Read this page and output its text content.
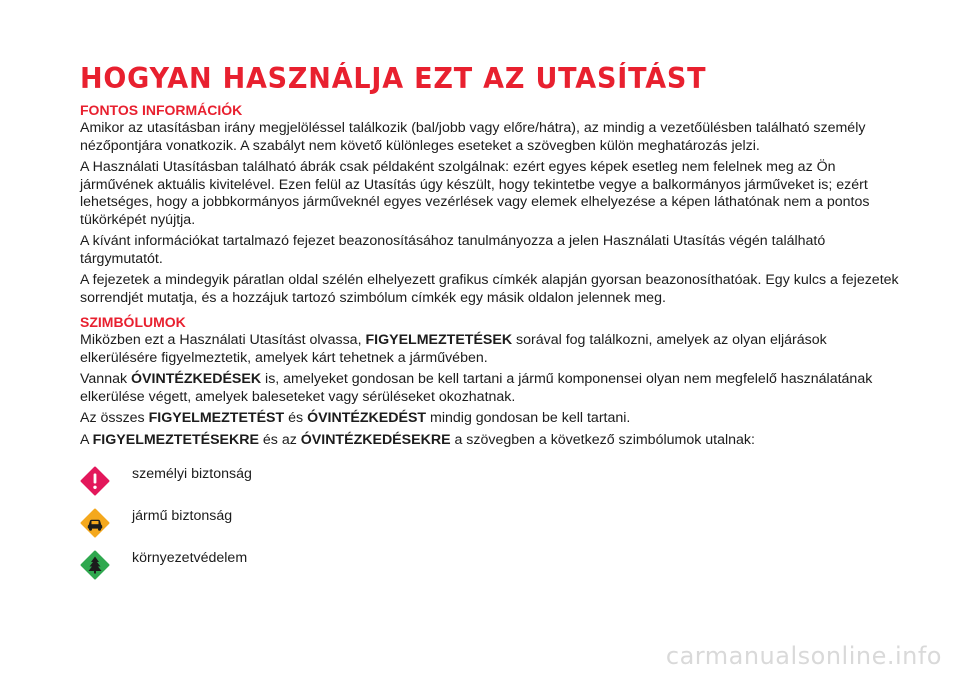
HOGYAN HASZNÁLJA EZT AZ UTASÍTÁST
FONTOS INFORMÁCIÓK

Amikor az utasításban irány megjelöléssel találkozik (bal/jobb vagy előre/hátra), az mindig a vezetőülésben található személy nézőpontjára vonatkozik. A szabályt nem követő különleges eseteket a szövegben külön meghatározás jelzi.

A Használati Utasításban található ábrák csak példaként szolgálnak: ezért egyes képek esetleg nem felelnek meg az Ön járművének aktuális kivitelével. Ezen felül az Utasítás úgy készült, hogy tekintetbe vegye a balkormányos járműveket is; ezért lehetséges, hogy a jobbkormányos járműveknél egyes vezérlések vagy elemek elhelyezése a képen láthatónak nem a pontos tükörképét nyújtja.

A kívánt információkat tartalmazó fejezet beazonosításához tanulmányozza a jelen Használati Utasítás végén található tárgymutatót.

A fejezetek a mindegyik páratlan oldal szélén elhelyezett grafikus címkék alapján gyorsan beazonosíthatóak. Egy kulcs a fejezetek sorrendjét mutatja, és a hozzájuk tartozó szimbólum címkék egy másik oldalon jelennek meg.

SZIMBÓLUMOK

Miközben ezt a Használati Utasítást olvassa, FIGYELMEZTETÉSEK sorával fog találkozni, amelyek az olyan eljárások elkerülésére figyelmeztetik, amelyek kárt tehetnek a járművében.

Vannak ÓVINTÉZKEDÉSEK is, amelyeket gondosan be kell tartani a jármű komponensei olyan nem megfelelő használatának elkerülése végett, amelyek baleseteket vagy sérüléseket okozhatnak.

Az összes FIGYELMEZTETÉST és ÓVINTÉZKEDÉST mindig gondosan be kell tartani.

A FIGYELMEZTETÉSEKRE és az ÓVINTÉZKEDÉSEKRE a szövegben a következő szimbólumok utalnak:

személyi biztonság
jármű biztonság
környezetvédelem
carmanualsonline.info
